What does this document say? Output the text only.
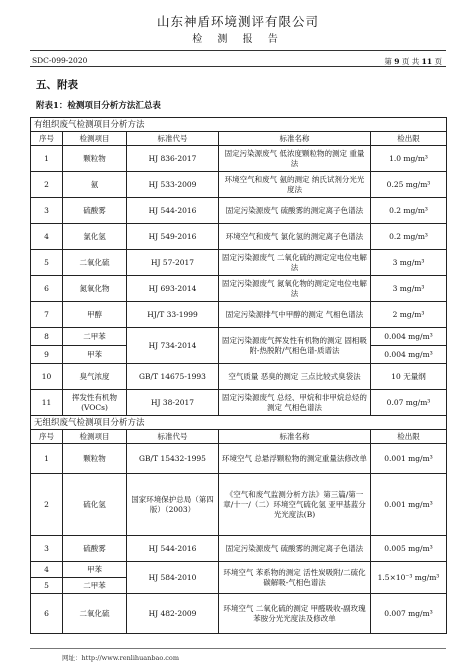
山东神盾环境测评有限公司
检 测 报 告
SDC-099-2020	第 9 页 共 11 页
五、附表
附表1：检测项目分析方法汇总表
有组织废气检测项目分析方法				
序号	检测项目	标准代号	标准名称	检出限
1	颗粒物	HJ 836-2017	固定污染源废气 低浓度颗粒物的测定 重量法	1.0 mg/m³
2	氨	HJ 533-2009	环境空气和废气 氨的测定 纳氏试剂分光光度法	0.25 mg/m³
3	硫酸雾	HJ 544-2016	固定污染源废气 硫酸雾的测定离子色谱法	0.2 mg/m³
4	氯化氢	HJ 549-2016	环境空气和废气 氯化氢的测定离子色谱法	0.2 mg/m³
5	二氧化硫	HJ 57-2017	固定污染源废气 二氧化硫的测定定电位电解法	3 mg/m³
6	氮氧化物	HJ 693-2014	固定污染源废气 氮氧化物的测定定电位电解法	3 mg/m³
7	甲醇	HJ/T 33-1999	固定污染源排气中甲醇的测定 气相色谱法	2 mg/m³
8	二甲苯	HJ 734-2014	固定污染源废气挥发性有机物的测定 固相吸附-热脱附/气相色谱-质谱法	0.004 mg/m³
9	甲苯			0.004 mg/m³
10	臭气浓度	GB/T 14675-1993	空气质量 恶臭的测定 三点比较式臭袋法	10 无量纲
11	挥发性有机物(VOCs)	HJ 38-2017	固定污染源废气 总烃、甲烷和非甲烷总烃的测定 气相色谱法	0.07 mg/m³
无组织废气检测项目分析方法				
序号	检测项目	标准代号	标准名称	检出限
1	颗粒物	GB/T 15432-1995	环境空气 总悬浮颗粒物的测定重量法修改单	0.001 mg/m³
2	硫化氢	国家环境保护总局（第四版）（2003）	《空气和废气监测分析方法》第三篇/第一章/十一/（二）环境空气硫化氢 亚甲基蓝分光光度法(B)	0.001 mg/m³
3	硫酸雾	HJ 544-2016	固定污染源废气 硫酸雾的测定离子色谱法	0.005 mg/m³
4	甲苯	HJ 584-2010	环境空气 苯系物的测定 活性炭吸附/二硫化碳解吸-气相色谱法	1.5×10⁻³ mg/m³
5	二甲苯			
6	二氧化硫	HJ 482-2009	环境空气 二氧化硫的测定 甲醛吸收-副玫瑰苯胺分光光度法及修改单	0.007 mg/m³
网址：http://www.renlihuanbao.com
